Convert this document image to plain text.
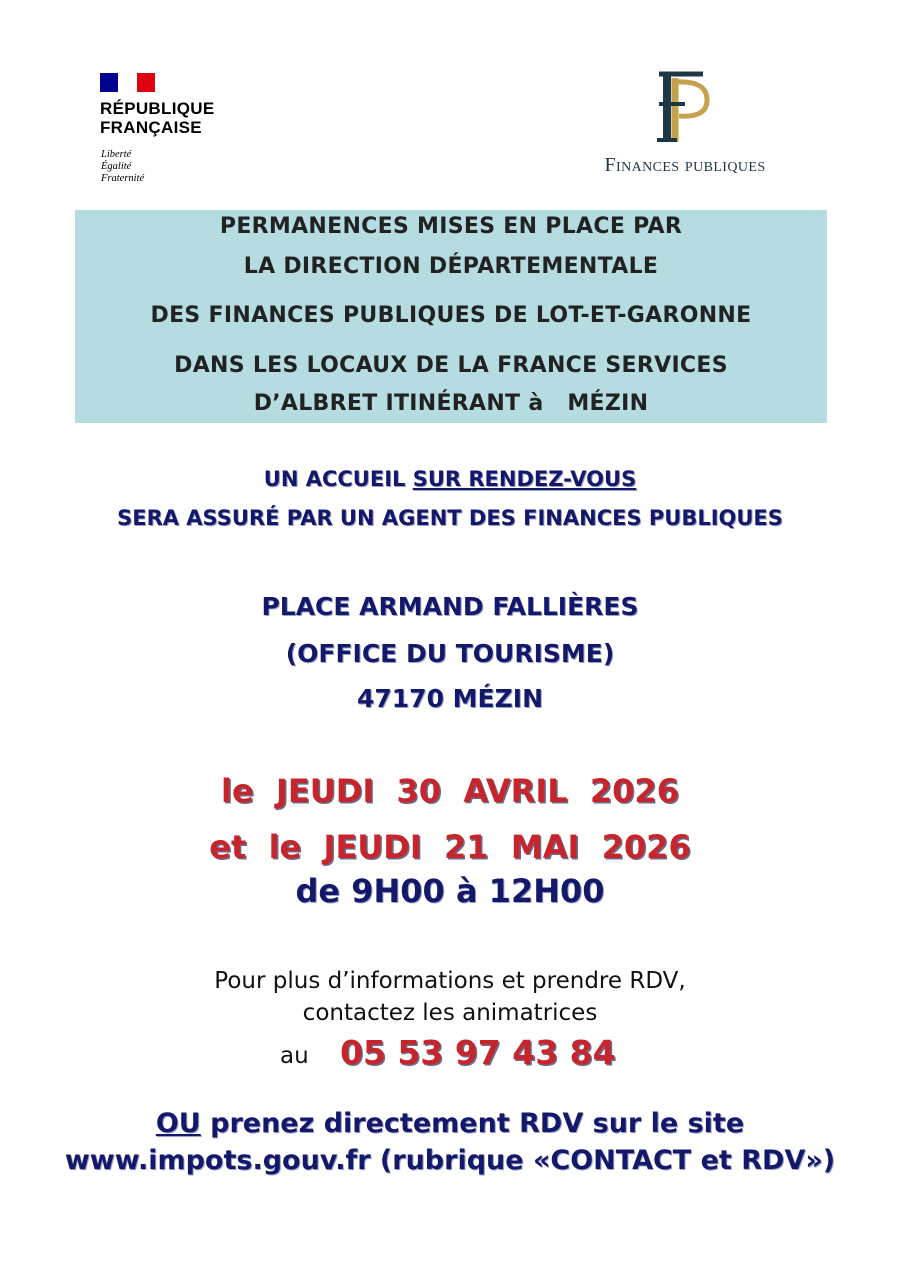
RÉPUBLIQUE
FRANÇAISE
Liberté
Égalité
Fraternité
Finances publiques
PERMANENCES MISES EN PLACE PAR
LA DIRECTION DÉPARTEMENTALE
DES FINANCES PUBLIQUES DE LOT-ET-GARONNE
DANS LES LOCAUX DE LA FRANCE SERVICES
D’ALBRET ITINÉRANT à   MÉZIN
UN ACCUEIL SUR RENDEZ-VOUS
SERA ASSURÉ PAR UN AGENT DES FINANCES PUBLIQUES
PLACE ARMAND FALLIÈRES
(OFFICE DU TOURISME)
47170 MÉZIN
le  JEUDI  30  AVRIL  2026
et  le  JEUDI  21  MAI  2026
de 9H00 à 12H00
Pour plus d’informations et prendre RDV,
contactez les animatrices
au 05 53 97 43 84
OU prenez directement RDV sur le site
www.impots.gouv.fr (rubrique «CONTACT et RDV»)
